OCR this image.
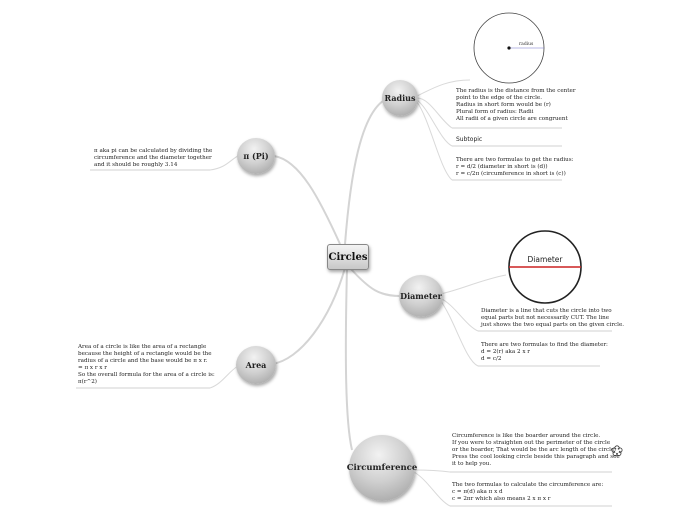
radius
Diameter
Circles
Radius
π (Pi)
Diameter
Area
Circumference
The radius is the distance from the center
point to the edge of the circle.
Radius in short form would be (r)
Plural form of radius: Radii
All radii of a given circle are congruent
Subtopic
There are two formulas to get the radius:
r = d/2 (diameter in short is (d))
r = c/2π (circumference in short is (c))
π aka pi can be calculated by dividing the
circumference and the diameter together
and it should be roughly 3.14
Diameter is a line that cuts the circle into two
equal parts but not necessarily CUT. The line
just shows the two equal parts on the given circle.
There are two formulas to find the diameter:
d = 2(r) aka 2 x r
d = c/2
Area of a circle is like the area of a rectangle
because the height of a rectangle would be the
radius of a circle and the base would be π x r.
= π x r x r
So the overall formula for the area of a circle is:
π(r^2)
Circumference is like the boarder around the circle.
If you were to straighten out the perimeter of the circle
or the boarder, That would be the arc length of the circle.
Press the cool looking circle beside this paragraph and see
it to help you.
The two formulas to calculate the circumference are:
c = π(d) aka π x d
c = 2πr which also means 2 x π x r
